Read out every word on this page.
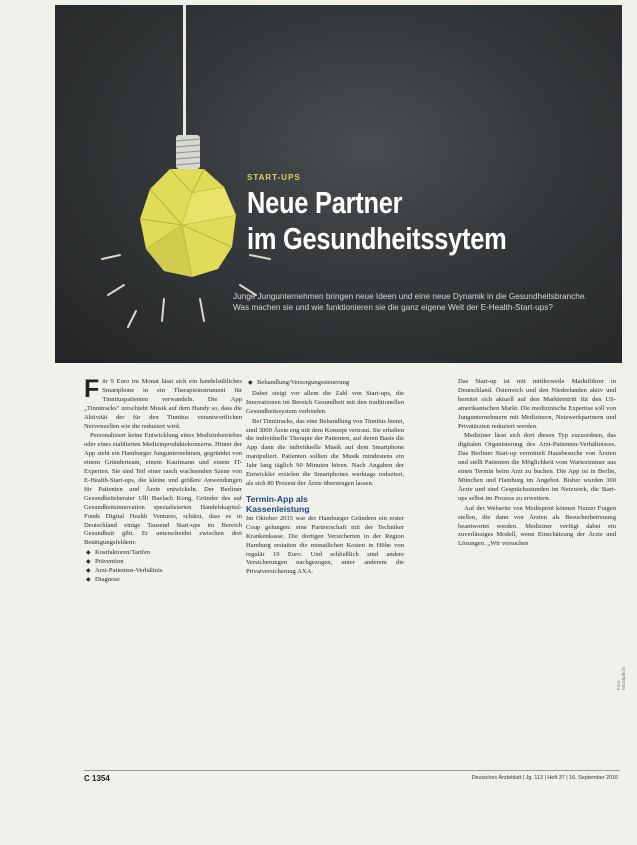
START-UPS
Neue Partner
im Gesundheitssytem
Junge Jungunternehmen bringen neue Ideen und eine neue Dynamik in die Gesundheitsbranche. Was machen sie und wie funktionieren sie die ganz eigene Welt der E-Health-Start-ups?

Für 9 Euro im Monat lässt sich ein handelsübliches Smartphone in ein Therapieinstrument für Tinnituspatienten verwandeln. Die App „Tinnitracks" zerschiebt Musik auf dem Handy so, dass die Aktivität der für den Tinnitus verantwortlichen Nervenzellen wie die reduziert wird.

Personalisiert keine Entwicklung eines Medizinbetriebes oder eines etablierten Medizinproduktekonzerns. Hinter der App steht ein Hamburger Jungunternehmen, gegründet von einem Gründerteam, einem Kaufmann und einem IT-Experten. Sie sind Teil einer rasch wachsenden Szene von E-Health-Start-ups, die kleine und größere Anwendungen für Patienten und Ärzte entwickeln. Der Berliner Gesundheitsberater Ulli Buelach Kong, Gründer des auf Gesundheitsinnovation spezialisierten Handelskapital-Fonds Digital Health Ventures, schätzt, dass es in Deutschland einige Tausend Start-ups im Bereich Gesundheit gibt. Er unterscheidet zwischen drei Betätigungsfeldern:

◆ Kostfaktoren/Tarifen
◆ Prävention
◆ Arzt-Patienten-Verhältnis
◆ Diagnose
◆ Behandlung/Versorgungssteuerung

Dabei steigt vor allem die Zahl von Start-ups, die Innovationen im Bereich Gesundheit mit den traditionellen Gesundheitssystem verbinden.

Bei Tinnitracks, das eine Behandlung von Tinnitus bietet, sind 3000 Ärzte eng mit dem Konzept vertraut. Sie erhalten die individuelle Therapie der Patienten, auf deren Basis die App dann die individuelle Musik auf dem Smartphone manipuliert. Patienten sollten die Musik mindestens ein Jahr lang täglich 90 Minuten hören. Nach Angaben der Entwickler erzielen die Smartphones werktags reduziert, als sich 80 Prozent der Ärzte überzeugen lassen.

Termin-App als
Kassenleistung

Im Oktober 2015 war der Hamburger Gründern ein erster Coup gelungen: eine Partnerschaft mit der Techniker Krankenkasse. Die dortigen Versicherten in der Region Hamburg erstatten die monatlichen Kosten in Höhe von regulär 19 Euro. Und schließlich sind andere Versicherungen nachgezogen, unter anderem die Privatversicherung AXA.

Das Start-up ist mit mittlerweile Marktführer in Deutschland. Österreich und den Niederlanden aktiv und bereitet sich aktuell auf den Markteintritt für den US-amerikanischen Markt. Die medizinische Expertise soll von Jungunternehmern mit Medizinern, Netzwerkpartnern und Privatärzten reduziert werden.

Mediziner lässt sich dort diesen Typ zuzuordnen, das digitalen Organisierung des Arzt-Patienten-Verhältnisses. Das Berliner Start-up vermittelt Hausbesuche von Ärzten und stellt Patienten die Möglichkeit vom Wartezimmer aus einen Termin beim Arzt zu buchen. Die App ist in Berlin, München und Hamburg im Angebot. Bisher wurden 300 Ärzte und sind Gesprächsstunden im Netzwerk, die Start-ups selbst im Prozess zu erweitern.

Auf der Webseite von Medisprint können Nutzer Fragen stellen, die dann von Ärzten als Besucherbetreuung beantwortet werden. Mediziner verfügt dabei ein zuverlässiges Modell, wenn Einschätzung der Ärzte und Lösungen. „Wir versuchen

C 1354	Deutsches Ärzteblatt | Jg. 113 | Heft 37 | 16. September 2016
Foto: iStockphoto
